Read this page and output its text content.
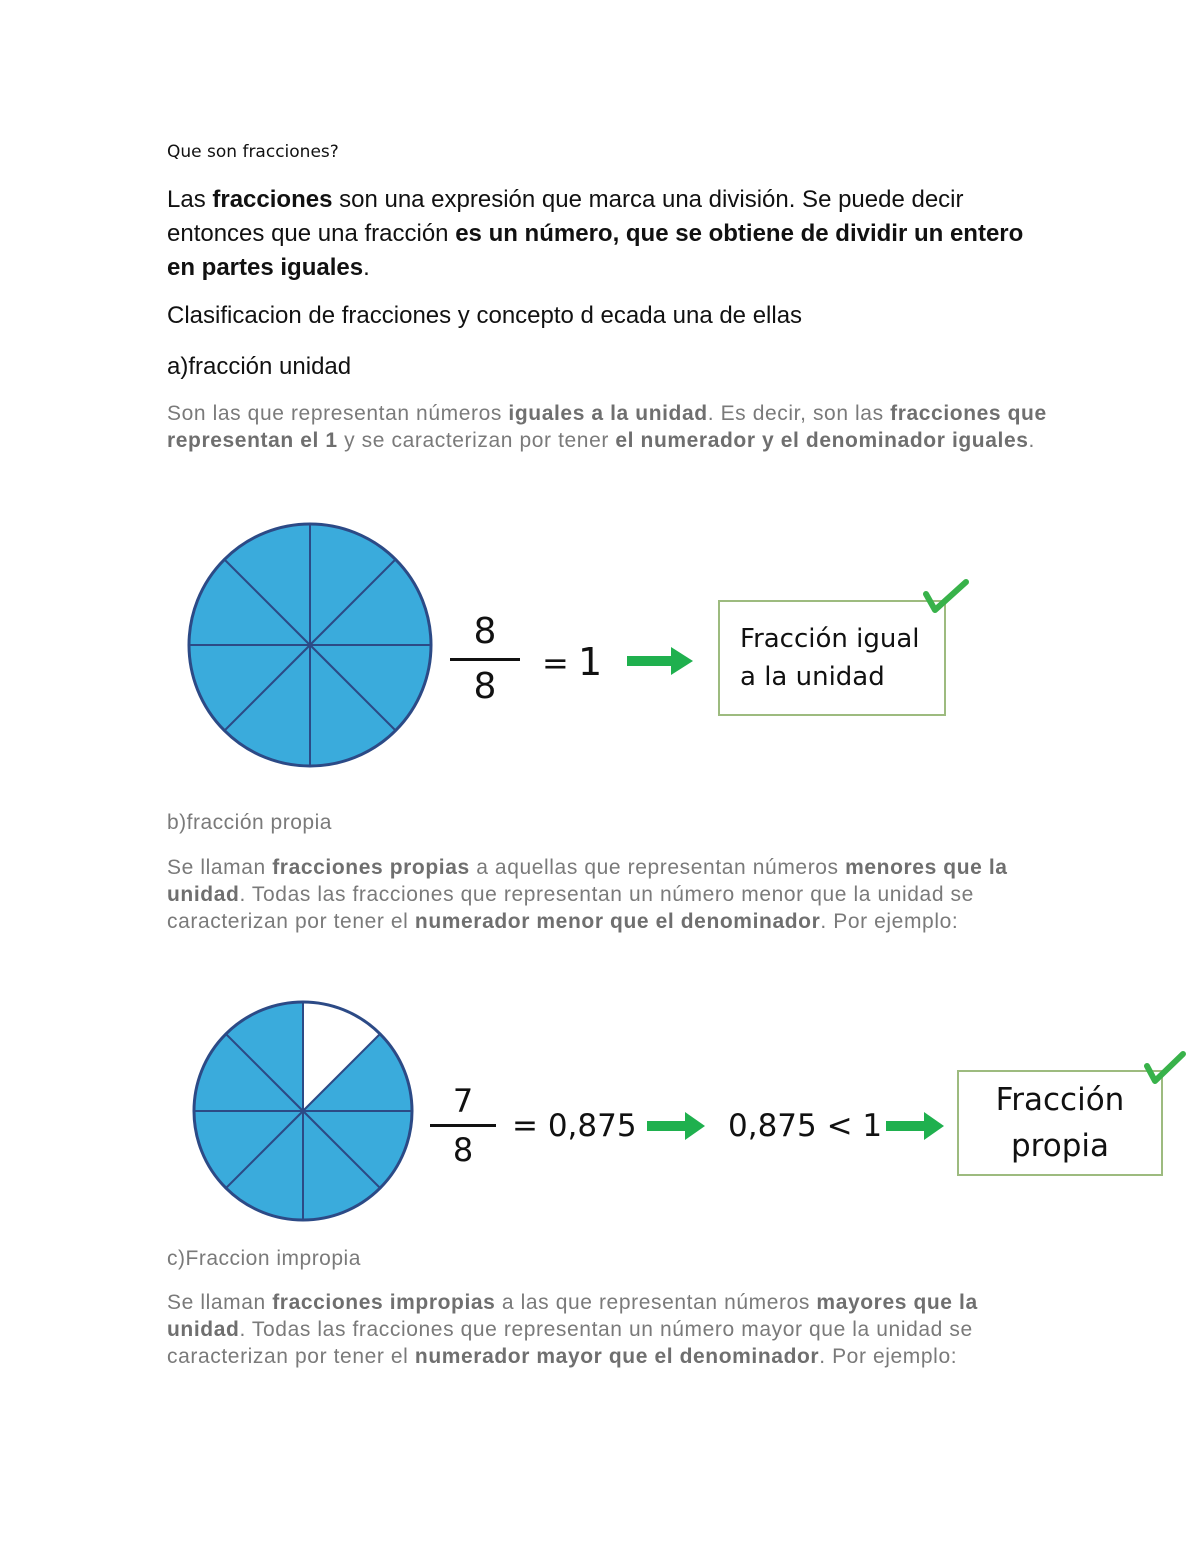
Que son fracciones?
Las fracciones son una expresión que marca una división. Se puede decir entonces que una fracción es un número, que se obtiene de dividir un entero en partes iguales.
Clasificacion de fracciones y concepto d ecada una de ellas
a)fracción unidad
Son las que representan números iguales a la unidad. Es decir, son las fracciones que representan el 1 y se caracterizan por tener el numerador y el denominador iguales.
8
8
= 1
Fracción igual
a la unidad
b)fracción propia
Se llaman fracciones propias a aquellas que representan números menores que la unidad. Todas las fracciones que representan un número menor que la unidad se caracterizan por tener el numerador menor que el denominador. Por ejemplo:
7
8
= 0,875	0,875 < 1
Fracción
propia
c)Fraccion impropia
Se llaman fracciones impropias a las que representan números mayores que la unidad. Todas las fracciones que representan un número mayor que la unidad se caracterizan por tener el numerador mayor que el denominador. Por ejemplo:
